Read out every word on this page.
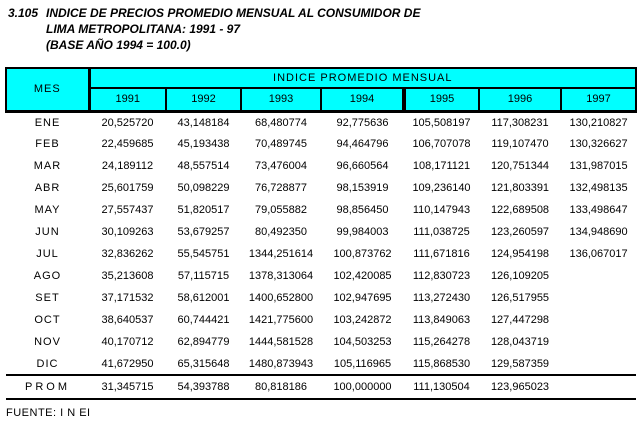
3.105 INDICE DE PRECIOS PROMEDIO MENSUAL AL CONSUMIDOR DE
LIMA METROPOLITANA: 1991 - 97
(BASE AÑO 1994 = 100.0)
MES	INDICE PROMEDIO MENSUAL						
	1991	1992	1993	1994	1995	1996	1997
ENE	20,525720	43,148184	68,480774	92,775636	105,508197	117,308231	130,210827
FEB	22,459685	45,193438	70,489745	94,464796	106,707078	119,107470	130,326627
MAR	24,189112	48,557514	73,476004	96,660564	108,171121	120,751344	131,987015
ABR	25,601759	50,098229	76,728877	98,153919	109,236140	121,803391	132,498135
MAY	27,557437	51,820517	79,055882	98,856450	110,147943	122,689508	133,498647
JUN	30,109263	53,679257	80,492350	99,984003	111,038725	123,260597	134,948690
JUL	32,836262	55,545751	1344,251614	100,873762	111,671816	124,954198	136,067017
AGO	35,213608	57,115715	1378,313064	102,420085	112,830723	126,109205	
SET	37,171532	58,612001	1400,652800	102,947695	113,272430	126,517955	
OCT	38,640537	60,744421	1421,775600	103,242872	113,849063	127,447298	
NOV	40,170712	62,894779	1444,581528	104,503253	115,264278	128,043719	
DIC	41,672950	65,315648	1480,873943	105,116965	115,868530	129,587359	
PROM	31,345715	54,393788	80,818186	100,000000	111,130504	123,965023	
FUENTE: I N EI
